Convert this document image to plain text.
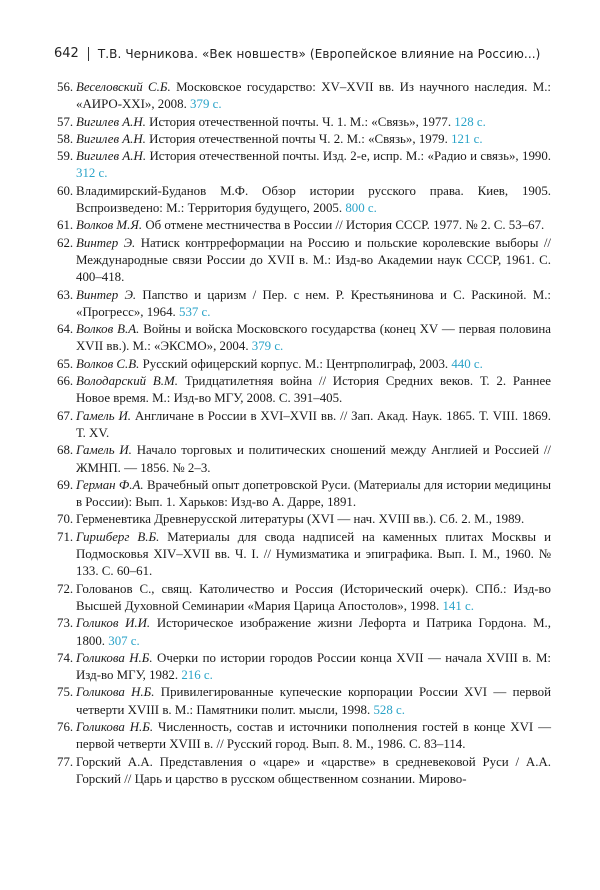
642 Т.В. Черникова. «Век новшеств» (Европейское влияние на Россию...)
56. Веселовский С.Б. Московское государство: XV–XVII вв. Из научного наследия. М.: «АИРО-XXI», 2008. 379 с.
57. Вигилев А.Н. История отечественной почты. Ч. 1. М.: «Связь», 1977. 128 с.
58. Вигилев А.Н. История отечественной почты Ч. 2. М.: «Связь», 1979. 121 с.
59. Вигилев А.Н. История отечественной почты. Изд. 2-е, испр. М.: «Радио и связь», 1990. 312 с.
60. Владимирский-Буданов М.Ф. Обзор истории русского права. Киев, 1905. Вспроизведено: М.: Территория будущего, 2005. 800 с.
61. Волков М.Я. Об отмене местничества в России // История СССР. 1977. № 2. С. 53–67.
62. Винтер Э. Натиск контрреформации на Россию и польские королевские выборы // Международные связи России до XVII в. М.: Изд-во Академии наук СССР, 1961. С. 400–418.
63. Винтер Э. Папство и царизм / Пер. с нем. Р. Крестьянинова и С. Раскиной. М.: «Прогресс», 1964. 537 с.
64. Волков В.А. Войны и войска Московского государства (конец XV — первая половина XVII вв.). М.: «ЭКСМО», 2004. 379 с.
65. Волков С.В. Русский офицерский корпус. М.: Центрполиграф, 2003. 440 с.
66. Володарский В.М. Тридцатилетняя война // История Средних веков. Т. 2. Раннее Новое время. М.: Изд-во МГУ, 2008. С. 391–405.
67. Гамель И. Англичане в России в XVI–XVII вв. // Зап. Акад. Наук. 1865. Т. VIII. 1869. Т. XV.
68. Гамель И. Начало торговых и политических сношений между Англией и Россией // ЖМНП. — 1856. № 2–3.
69. Герман Ф.А. Врачебный опыт допетровской Руси. (Материалы для истории медицины в России): Вып. 1. Харьков: Изд-во А. Дарре, 1891.
70. Герменевтика Древнерусской литературы (XVI — нач. XVIII вв.). Сб. 2. М., 1989.
71. Гиршберг В.Б. Материалы для свода надписей на каменных плитах Москвы и Подмосковья XIV–XVII вв. Ч. I. // Нумизматика и эпиграфика. Вып. I. М., 1960. № 133. С. 60–61.
72. Голованов С., свящ. Католичество и Россия (Исторический очерк). СПб.: Изд-во Высшей Духовной Семинарии «Мария Царица Апостолов», 1998. 141 с.
73. Голиков И.И. Историческое изображение жизни Лефорта и Патрика Гордона. М., 1800. 307 с.
74. Голикова Н.Б. Очерки по истории городов России конца XVII — начала XVIII в. М: Изд-во МГУ, 1982. 216 с.
75. Голикова Н.Б. Привилегированные купеческие корпорации России XVI — первой четверти XVIII в. М.: Памятники полит. мысли, 1998. 528 с.
76. Голикова Н.Б. Численность, состав и источники пополнения гостей в конце XVI — первой четверти XVIII в. // Русский город. Вып. 8. М., 1986. С. 83–114.
77. Горский А.А. Представления о «царе» и «царстве» в средневековой Руси / А.А. Горский // Царь и царство в русском общественном сознании. Мирово-
